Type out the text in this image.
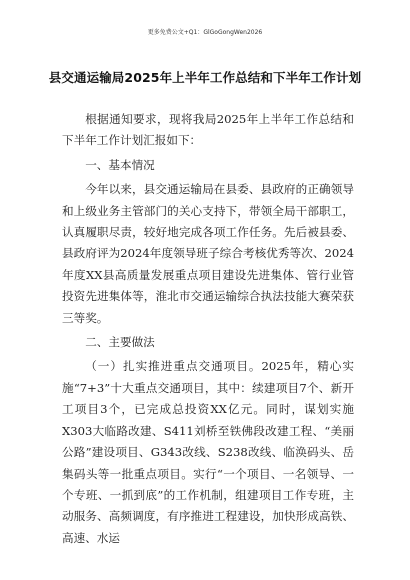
更多免费公文+Q1：GlGoGongWen2026
县交通运输局2025年上半年工作总结和下半年工作计划

根据通知要求，现将我局2025年上半年工作总结和下半年工作计划汇报如下：

一、基本情况

今年以来，县交通运输局在县委、县政府的正确领导和上级业务主管部门的关心支持下，带领全局干部职工，认真履职尽责，较好地完成各项工作任务。先后被县委、县政府评为2024年度领导班子综合考核优秀等次、2024年度XX县高质量发展重点项目建设先进集体、管行业管投资先进集体等，淮北市交通运输综合执法技能大赛荣获三等奖。

二、主要做法

（一）扎实推进重点交通项目。2025年，精心实施“7+3”十大重点交通项目，其中：续建项目7个、新开工项目3个，已完成总投资XX亿元。同时，谋划实施X303大临路改建、S411刘桥至铁佛段改建工程、“美丽公路”建设项目、G343改线、S238改线、临涣码头、岳集码头等一批重点项目。实行“一个项目、一名领导、一个专班、一抓到底”的工作机制，组建项目工作专班，主动服务、高频调度，有序推进工程建设，加快形成高铁、高速、水运
